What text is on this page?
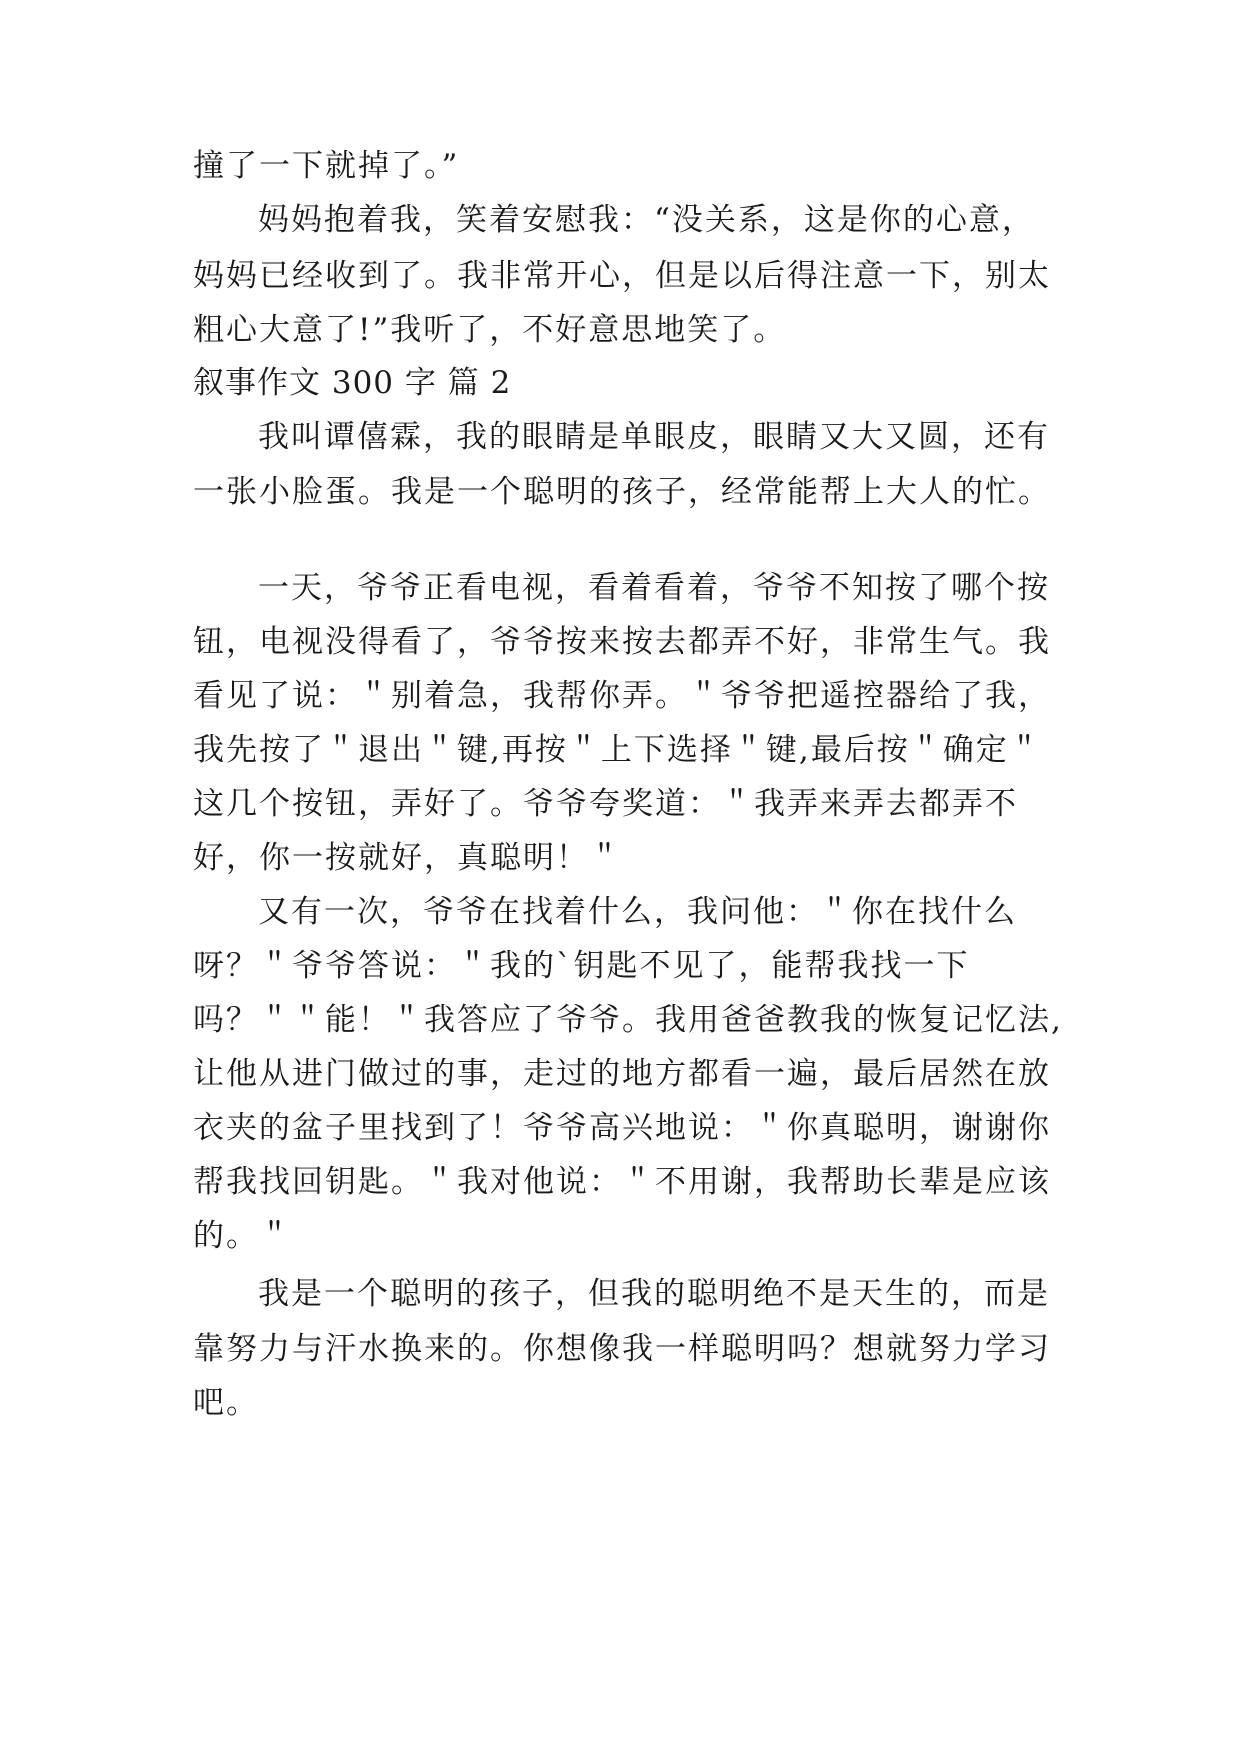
撞了一下就掉了。”
妈妈抱着我，笑着安慰我：“没关系，这是你的心意，
妈妈已经收到了。我非常开心，但是以后得注意一下，别太
粗心大意了!”我听了，不好意思地笑了。
叙事作文 300 字 篇 2
我叫谭僖霖，我的眼睛是单眼皮，眼睛又大又圆，还有
一张小脸蛋。我是一个聪明的孩子，经常能帮上大人的忙。
一天，爷爷正看电视，看着看着，爷爷不知按了哪个按
钮，电视没得看了，爷爷按来按去都弄不好，非常生气。我
看见了说：＂别着急，我帮你弄。＂爷爷把遥控器给了我，
我先按了＂退出＂键,再按＂上下选择＂键,最后按＂确定＂
这几个按钮，弄好了。爷爷夸奖道：＂我弄来弄去都弄不
好，你一按就好，真聪明！＂
又有一次，爷爷在找着什么，我问他：＂你在找什么
呀？＂爷爷答说：＂我的`钥匙不见了，能帮我找一下
吗？＂＂能！＂我答应了爷爷。我用爸爸教我的恢复记忆法,
让他从进门做过的事，走过的地方都看一遍，最后居然在放
衣夹的盆子里找到了！爷爷高兴地说：＂你真聪明，谢谢你
帮我找回钥匙。＂我对他说：＂不用谢，我帮助长辈是应该
的。＂
我是一个聪明的孩子，但我的聪明绝不是天生的，而是
靠努力与汗水换来的。你想像我一样聪明吗？想就努力学习
吧。
